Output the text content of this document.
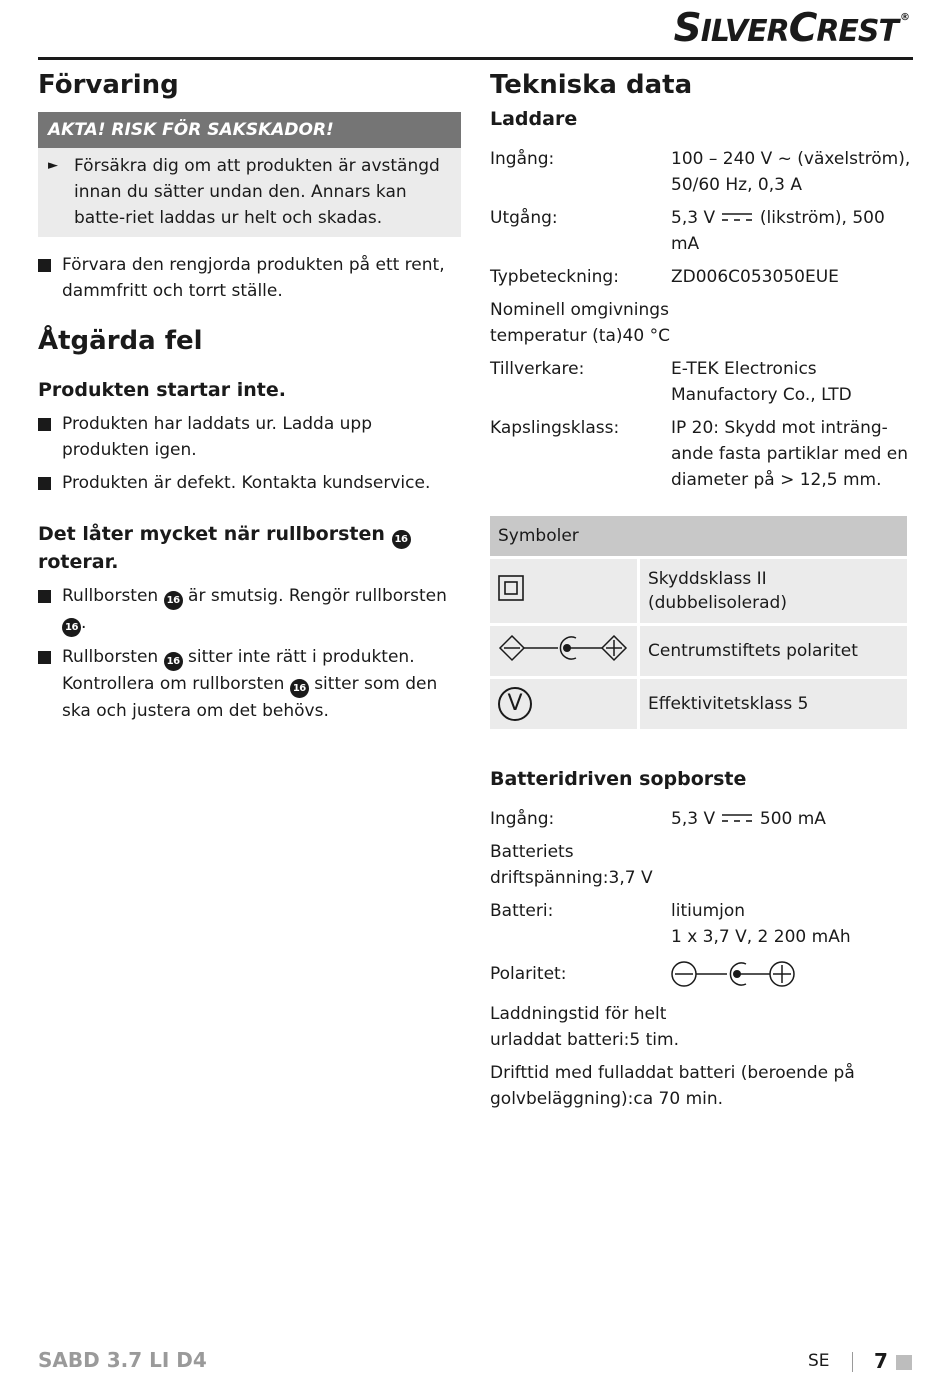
SILVERCREST ®
Förvaring
AKTA! RISK FÖR SAKSKADOR!
► Försäkra dig om att produkten är avstängd innan du sätter undan den. Annars kan batte-riet laddas ur helt och skadas.
Förvara den rengjorda produkten på ett rent, dammfritt och torrt ställe.
Åtgärda fel
Produkten startar inte.
Produkten har laddats ur. Ladda upp produkten igen.
Produkten är defekt. Kontakta kundservice.
Det låter mycket när rullborsten 16
roterar.
Rullborsten 16 är smutsig. Rengör rullborsten 16 .
Rullborsten 16 sitter inte rätt i produkten. Kontrollera om rullborsten 16 sitter som den ska och justera om det behövs.
Tekniska data
Laddare
Ingång:	100 – 240 V ~ (växelström), 50/60 Hz, 0,3 A
Utgång:	5,3 V	(likström), 500 mA
Typbeteckning:	ZD006C053050EUE
Nominell omgivnings
temperatur (ta) 40 °C
Tillverkare:	E-TEK Electronics Manufactory Co., LTD
Kapslingsklass:	IP 20: Skydd mot inträng-ande fasta partiklar med en diameter på > 12,5 mm.
Symboler	
	Skyddsklass II (dubbelisolerad)
	Centrumstiftets polaritet
V	Effektivitetsklass 5
Batteridriven sopborste
Ingång:	5,3 V	500 mA
Batteriets
driftspänning: 3,7 V
Batteri:	litiumjon
1 x 3,7 V, 2 200 mAh
Polaritet:
Laddningstid för helt
urladdat batteri: 5 tim.
Drifttid med fulladdat batteri (beroende på
golvbeläggning): ca 70 min.
SABD 3.7 LI D4	SE 7
